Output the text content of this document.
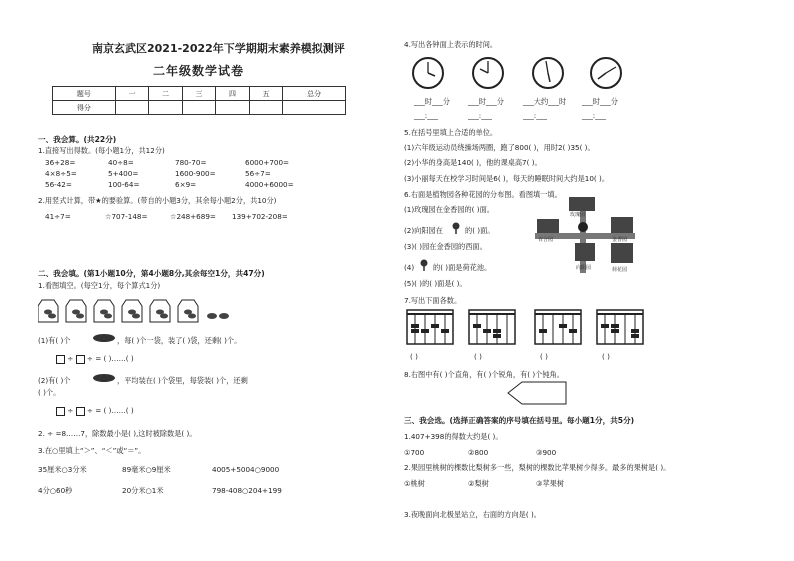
南京玄武区2021-2022年下学期期末素养模拟测评
二年级数学试卷
题号	一	二	三	四	五	总分
得分						
一、我会算。(共22分)
1.直接写出得数。(每小题1分，共12分)
36+28=	40÷8=	780-70=	6000+700=
4×8÷5=	5+400=	1600-900=	56÷7=
56-42=	100-64=	6×9=	4000+6000=
2.用竖式计算，带★的要验算。(带自的小题3分，其余每小题2分，共10分)
41÷7=	☆707-148=	☆248+689= 139+702-208=
二、我会填。(第1小题10分，第4小题8分,其余每空1分，共47分)
1.看图填空。(每空1分，每个算式1分)
(1)有( )个	，每( )个一袋，装了( )袋，还剩( )个。
÷  ÷ = ( )……( )
(2)有( )个	，平均装在( )个袋里，每袋装( )个，还剩
( )个。
÷  ÷ = ( )……( )
2. ÷ =8……7，除数最小是( ),这时被除数是( )。
3.在○里填上“＞”、“＜”或“＝”。
35厘米○3分米	89毫米○9厘米	4005+5004○9000
4分○60秒	20分米○1米	798-408○204+199
4.写出各钟面上表示的时间。
___时___分	___时___分	___大约___时 ___时___分
___:___	___:___	___:___	___:___
5.在括号里填上合适的单位。
(1)六年级运动员绕操场两圈，跑了800( )，用时2( )35( )。
(2)小华的身高是140( )，他的课桌高7( )。
(3)小丽每天在校学习时间是6( )，每天的睡眠时间大约是10( )。
6.右面是植物园各种花园的分布图。看图填一填。
(1)玫瑰园在金香园的( )面。
(2)向阳园在	的( )面。
(3)( )园在金香园的西面。
(4)	的( )面是荷花池。
(5)( )的( )面是( )。
玫瑰园
百合园	金香园
向阳园	荷花园
7.写出下面各数。
( )	( )	( )	( )
8.右图中有( )个直角，有( )个锐角，有( )个钝角。
三、我会选。(选择正确答案的序号填在括号里。每小题1分，共5分)
1.407+398的得数大约是( )。
①700	②800	③900
2.果园里桃树的棵数比梨树多一些，梨树的棵数比苹果树少得多。最多的果树是( )。
①桃树	②梨树	③苹果树
3.夜晚面向北极星站立，右面的方向是( )。
